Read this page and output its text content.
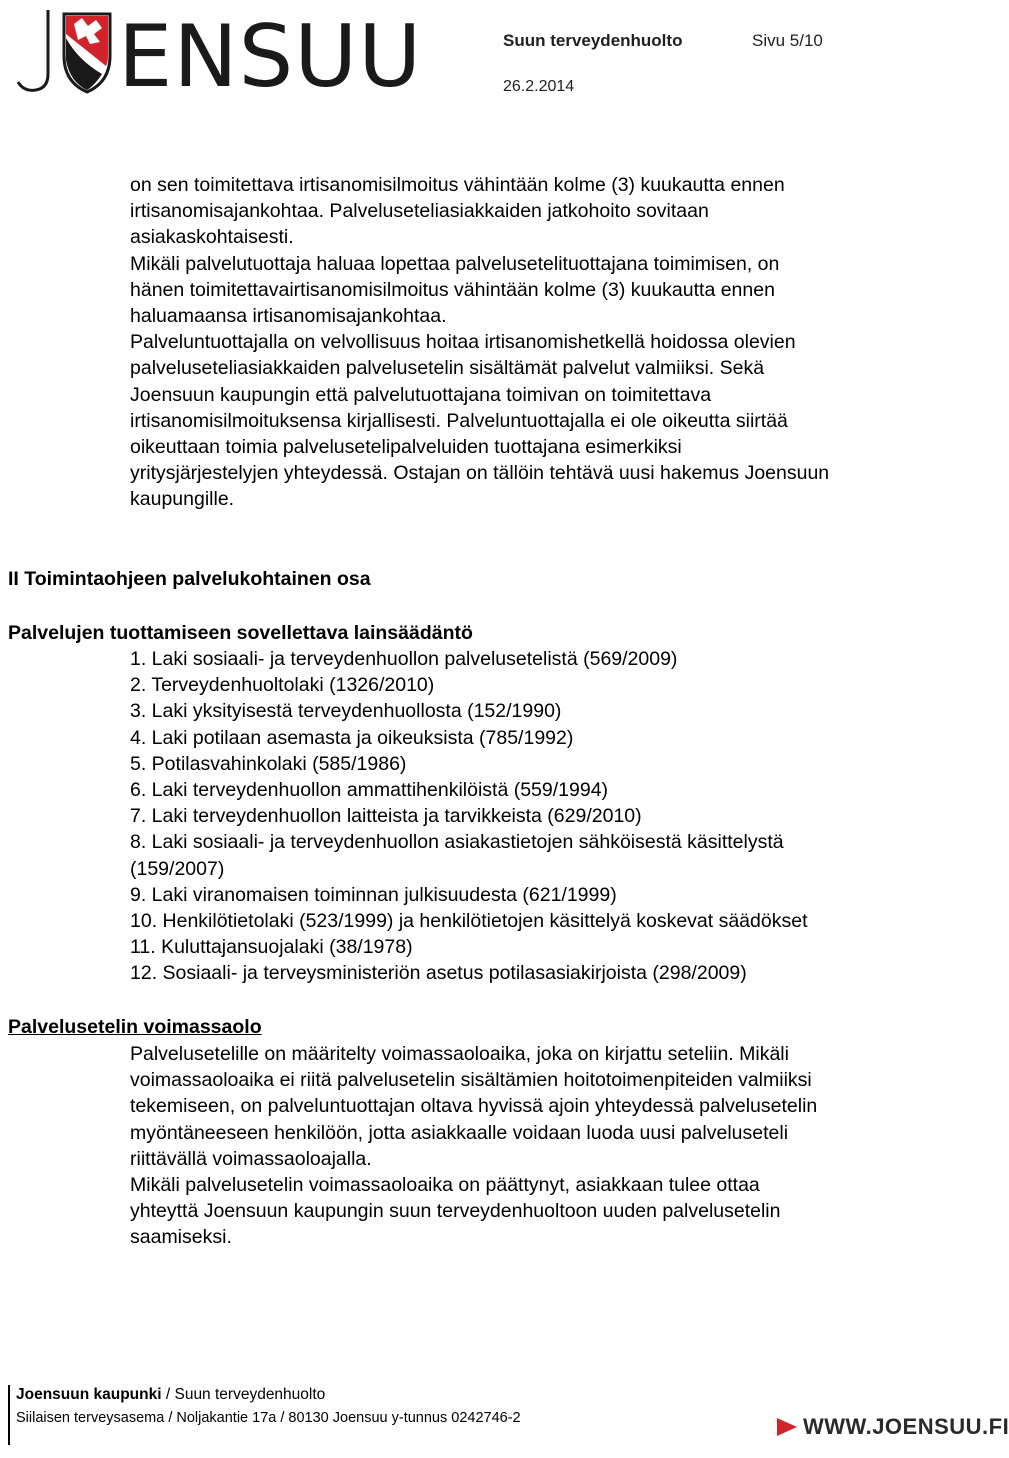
ENSUU	Suun terveydenhuolto	Sivu 5/10
26.2.2014

on sen toimitettava irtisanomisilmoitus vähintään kolme (3) kuukautta ennen

irtisanomisajankohtaa. Palveluseteliasiakkaiden jatkohoito sovitaan

asiakaskohtaisesti.

Mikäli palvelutuottaja haluaa lopettaa palvelusetelituottajana toimimisen, on

hänen toimitettavairtisanomisilmoitus vähintään kolme (3) kuukautta ennen

haluamaansa irtisanomisajankohtaa.

Palveluntuottajalla on velvollisuus hoitaa irtisanomishetkellä hoidossa olevien

palveluseteliasiakkaiden palvelusetelin sisältämät palvelut valmiiksi. Sekä

Joensuun kaupungin että palvelutuottajana toimivan on toimitettava

irtisanomisilmoituksensa kirjallisesti. Palveluntuottajalla ei ole oikeutta siirtää

oikeuttaan toimia palvelusetelipalveluiden tuottajana esimerkiksi

yritysjärjestelyjen yhteydessä. Ostajan on tällöin tehtävä uusi hakemus Joensuun

kaupungille.

II Toimintaohjeen palvelukohtainen osa
Palvelujen tuottamiseen sovellettava lainsäädäntö
1. Laki sosiaali- ja terveydenhuollon palvelusetelistä (569/2009)
2. Terveydenhuoltolaki (1326/2010)
3. Laki yksityisestä terveydenhuollosta (152/1990)
4. Laki potilaan asemasta ja oikeuksista (785/1992)
5. Potilasvahinkolaki (585/1986)
6. Laki terveydenhuollon ammattihenkilöistä (559/1994)
7. Laki terveydenhuollon laitteista ja tarvikkeista (629/2010)
8. Laki sosiaali- ja terveydenhuollon asiakastietojen sähköisestä käsittelystä
(159/2007)
9. Laki viranomaisen toiminnan julkisuudesta (621/1999)
10. Henkilötietolaki (523/1999) ja henkilötietojen käsittelyä koskevat säädökset
11. Kuluttajansuojalaki (38/1978)
12. Sosiaali- ja terveysministeriön asetus potilasasiakirjoista (298/2009)
Palvelusetelin voimassaolo

Palvelusetelille on määritelty voimassaoloaika, joka on kirjattu seteliin. Mikäli

voimassaoloaika ei riitä palvelusetelin sisältämien hoitotoimenpiteiden valmiiksi

tekemiseen, on palveluntuottajan oltava hyvissä ajoin yhteydessä palvelusetelin

myöntäneeseen henkilöön, jotta asiakkaalle voidaan luoda uusi palveluseteli

riittävällä voimassaoloajalla.

Mikäli palvelusetelin voimassaoloaika on päättynyt, asiakkaan tulee ottaa

yhteyttä Joensuun kaupungin suun terveydenhuoltoon uuden palvelusetelin

saamiseksi.

Joensuun kaupunki / Suun terveydenhuolto
Siilaisen terveysasema / Noljakantie 17a / 80130 Joensuu y-tunnus 0242746-2	WWW.JOENSUU.FI
